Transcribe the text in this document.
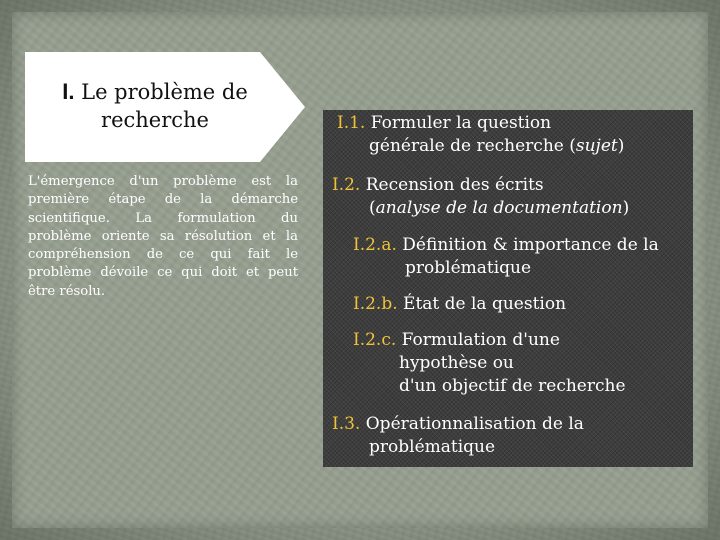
I. Le problème de
recherche
L'émergence d'un problème est la première étape de la démarche scientifique. La formulation du problème oriente sa résolution et la compréhension de ce qui fait le problème dévoile ce qui doit et peut être résolu.
I.1. Formuler la question
générale de recherche (sujet)
I.2. Recension des écrits
(analyse de la documentation)
I.2.a. Définition & importance de la
problématique
I.2.b. État de la question
I.2.c. Formulation d'une
hypothèse ou
d'un objectif de recherche
I.3. Opérationnalisation de la
problématique
